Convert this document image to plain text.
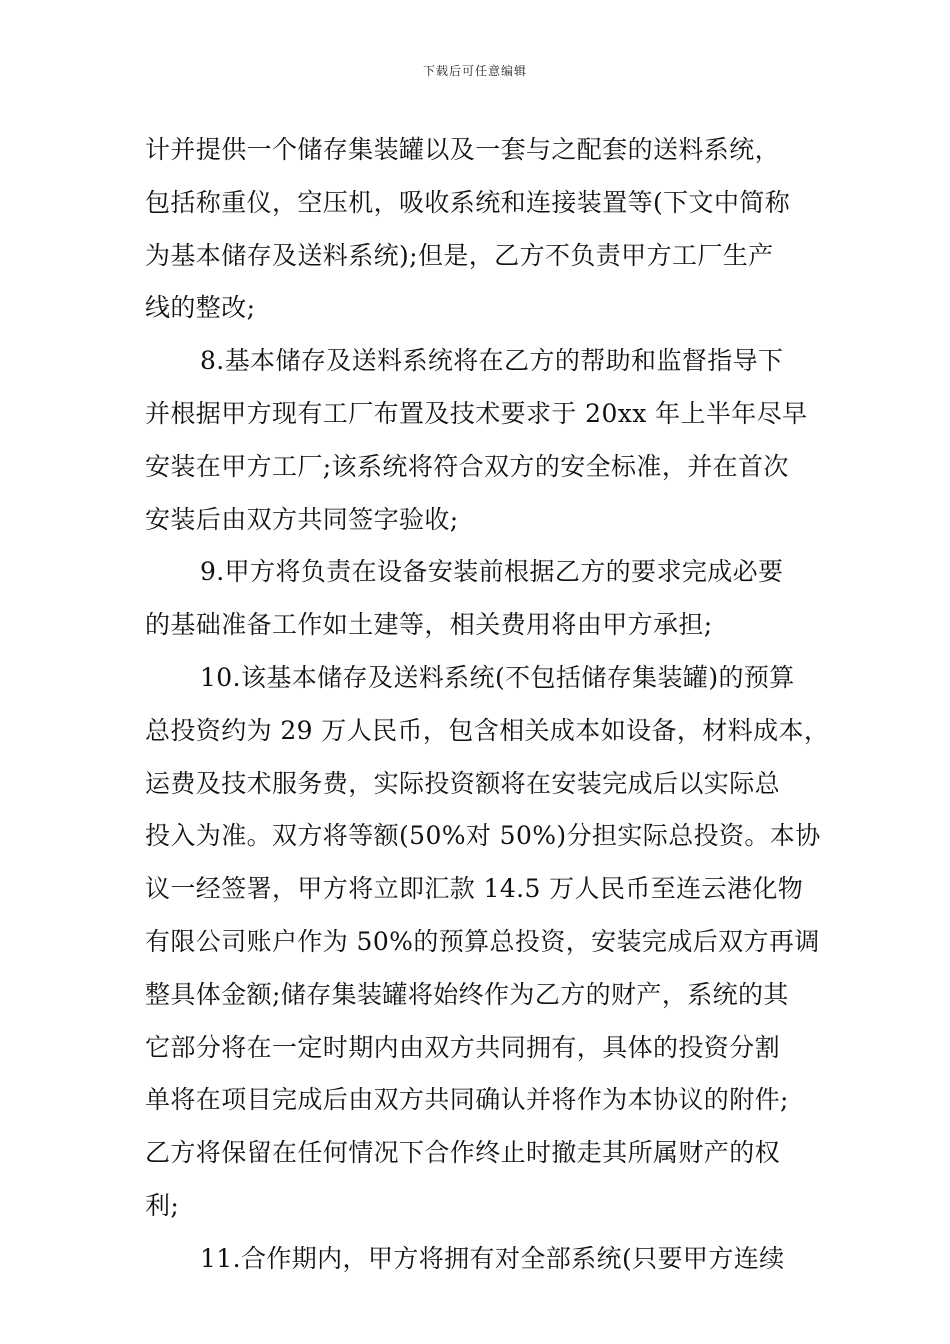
下载后可任意编辑
计并提供一个储存集装罐以及一套与之配套的送料系统，
包括称重仪，空压机，吸收系统和连接装置等(下文中简称
为基本储存及送料系统);但是，乙方不负责甲方工厂生产
线的整改;
8.基本储存及送料系统将在乙方的帮助和监督指导下
并根据甲方现有工厂布置及技术要求于 20xx 年上半年尽早
安装在甲方工厂;该系统将符合双方的安全标准，并在首次
安装后由双方共同签字验收;
9.甲方将负责在设备安装前根据乙方的要求完成必要
的基础准备工作如土建等，相关费用将由甲方承担;
10.该基本储存及送料系统(不包括储存集装罐)的预算
总投资约为 29 万人民币，包含相关成本如设备，材料成本，
运费及技术服务费，实际投资额将在安装完成后以实际总
投入为准。双方将等额(50%对 50%)分担实际总投资。本协
议一经签署，甲方将立即汇款 14.5 万人民币至连云港化物
有限公司账户作为 50%的预算总投资，安装完成后双方再调
整具体金额;储存集装罐将始终作为乙方的财产，系统的其
它部分将在一定时期内由双方共同拥有，具体的投资分割
单将在项目完成后由双方共同确认并将作为本协议的附件;
乙方将保留在任何情况下合作终止时撤走其所属财产的权
利;
11.合作期内，甲方将拥有对全部系统(只要甲方连续
